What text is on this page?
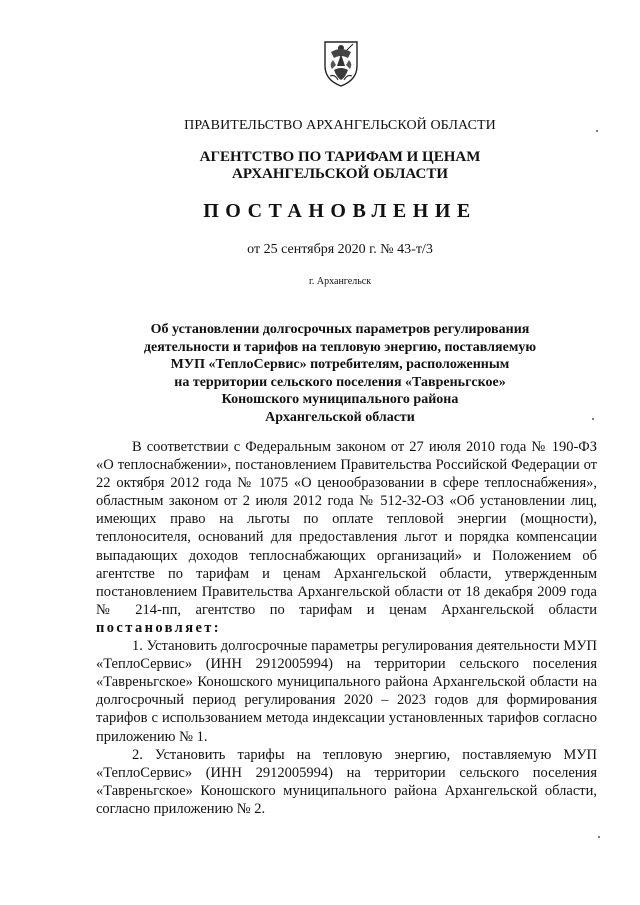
ПРАВИТЕЛЬСТВО АРХАНГЕЛЬСКОЙ ОБЛАСТИ
АГЕНТСТВО ПО ТАРИФАМ И ЦЕНАМ
АРХАНГЕЛЬСКОЙ ОБЛАСТИ
ПОСТАНОВЛЕНИЕ
от 25 сентября 2020 г. № 43-т/3
г. Архангельск
Об установлении долгосрочных параметров регулирования
деятельности и тарифов на тепловую энергию, поставляемую
МУП «ТеплоСервис» потребителям, расположенным
на территории сельского поселения «Тавреньгское»
Коношского муниципального района
Архангельской области

В соответствии с Федеральным законом от 27 июля 2010 года № 190-ФЗ «О теплоснабжении», постановлением Правительства Российской Федерации от 22 октября 2012 года № 1075 «О ценообразовании в сфере теплоснабжения», областным законом от 2 июля 2012 года № 512-32-ОЗ «Об установлении лиц, имеющих право на льготы по оплате тепловой энергии (мощности), теплоносителя, оснований для предоставления льгот и порядка компенсации выпадающих доходов теплоснабжающих организаций» и Положением об агентстве по тарифам и ценам Архангельской области, утвержденным постановлением Правительства Архангельской области от 18 декабря 2009 года № 214-пп, агентство по тарифам и ценам Архангельской области постановляет:

1. Установить долгосрочные параметры регулирования деятельности МУП «ТеплоСервис» (ИНН 2912005994) на территории сельского поселения «Тавреньгское» Коношского муниципального района Архангельской области на долгосрочный период регулирования 2020 – 2023 годов для формирования тарифов с использованием метода индексации установленных тарифов согласно приложению № 1.

2. Установить тарифы на тепловую энергию, поставляемую МУП «ТеплоСервис» (ИНН 2912005994) на территории сельского поселения «Тавреньгское» Коношского муниципального района Архангельской области, согласно приложению № 2.
